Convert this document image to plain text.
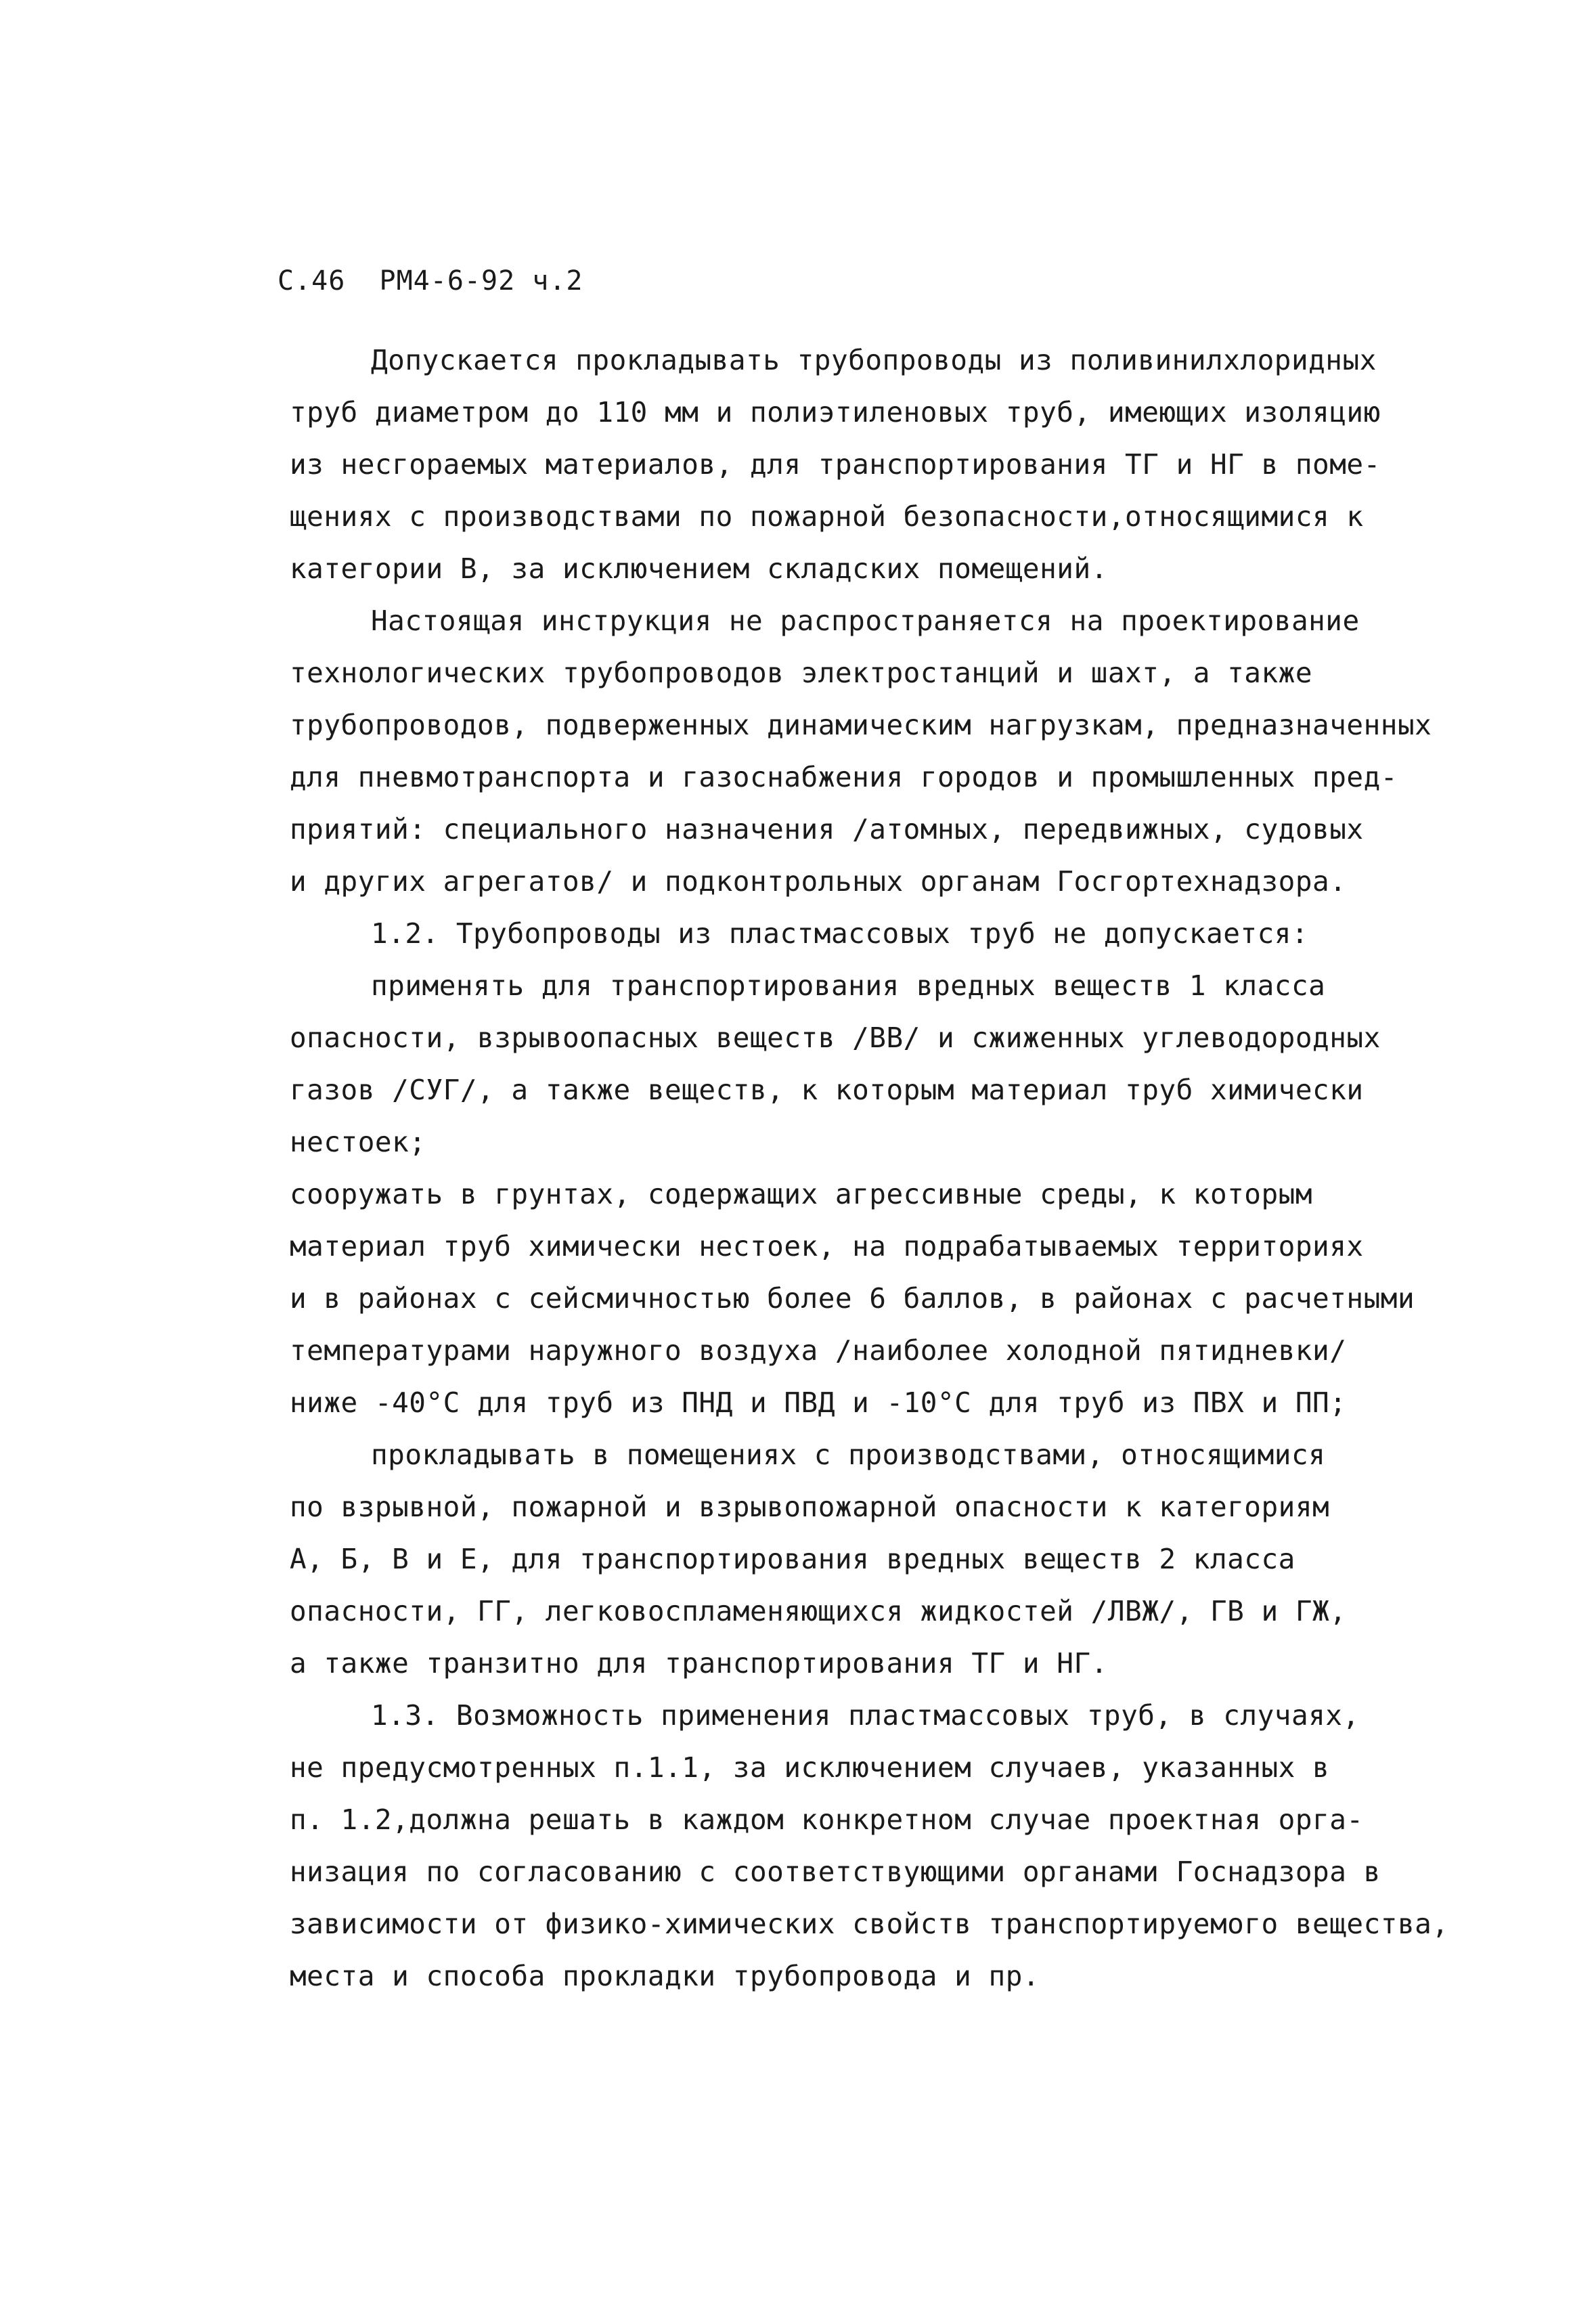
С.46  РМ4-6-92 ч.2
Допускается прокладывать трубопроводы из поливинилхлоридных
труб диаметром до 110 мм и полиэтиленовых труб, имеющих изоляцию
из несгораемых материалов, для транспортирования ТГ и НГ в поме-
щениях с производствами по пожарной безопасности,относящимися к
категории В, за исключением складских помещений.
Настоящая инструкция не распространяется на проектирование
технологических трубопроводов электростанций и шахт, а также
трубопроводов, подверженных динамическим нагрузкам, предназначенных
для пневмотранспорта и газоснабжения городов и промышленных пред-
приятий: специального назначения /атомных, передвижных, судовых
и других агрегатов/ и подконтрольных органам Госгортехнадзора.
1.2. Трубопроводы из пластмассовых труб не допускается:
применять для транспортирования вредных веществ 1 класса
опасности, взрывоопасных веществ /ВВ/ и сжиженных углеводородных
газов /СУГ/, а также веществ, к которым материал труб химически
нестоек;
сооружать в грунтах, содержащих агрессивные среды, к которым
материал труб химически нестоек, на подрабатываемых территориях
и в районах с сейсмичностью более 6 баллов, в районах с расчетными
температурами наружного воздуха /наиболее холодной пятидневки/
ниже -40°С для труб из ПНД и ПВД и -10°С для труб из ПВХ и ПП;
прокладывать в помещениях с производствами, относящимися
по взрывной, пожарной и взрывопожарной опасности к категориям
А, Б, В и Е, для транспортирования вредных веществ 2 класса
опасности, ГГ, легковоспламеняющихся жидкостей /ЛВЖ/, ГВ и ГЖ,
а также транзитно для транспортирования ТГ и НГ.
1.3. Возможность применения пластмассовых труб, в случаях,
не предусмотренных п.1.1, за исключением случаев, указанных в
п. 1.2,должна решать в каждом конкретном случае проектная орга-
низация по согласованию с соответствующими органами Госнадзора в
зависимости от физико-химических свойств транспортируемого вещества,
места и способа прокладки трубопровода и пр.
